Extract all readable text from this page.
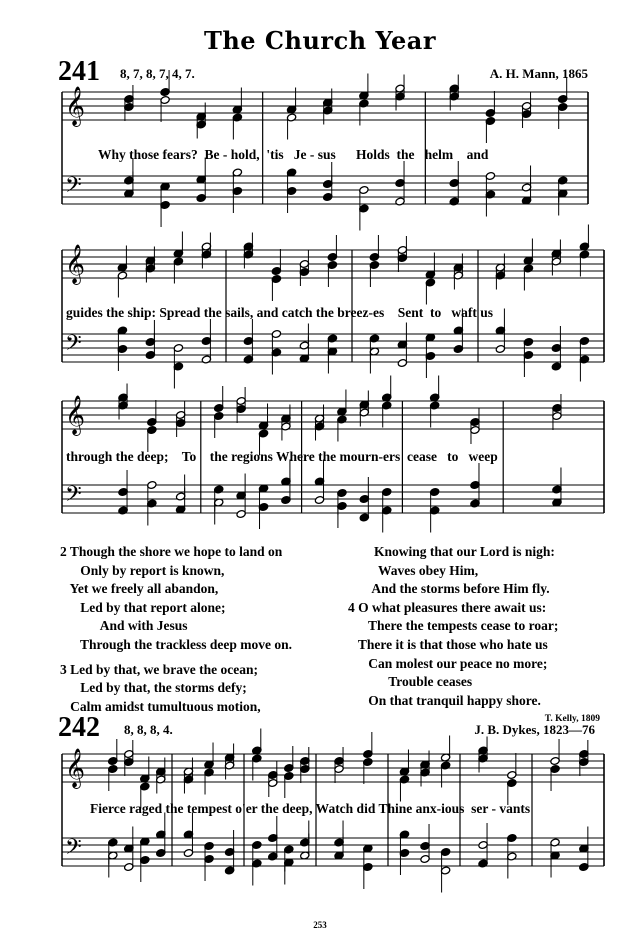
The Church Year
241 8, 7, 8, 7, 4, 7.	A. H. Mann, 1865
𝄞
𝄢
𝄞
𝄢
𝄞
𝄢
𝄞
𝄢
Why those fears?  Be - hold,  'tis   Je - sus      Holds  the   helm    and
guides the ship: Spread the sails, and catch the breez-es    Sent  to   waft us
through the deep;    To    the regions Where the mourn-ers  cease   to   weep
2 Though the shore we hope to land on
Only by report is known,
Yet we freely all abandon,
Led by that report alone;
And with Jesus
Through the trackless deep move on.
3 Led by that, we brave the ocean;
Led by that, the storms defy;
Calm amidst tumultuous motion,
Knowing that our Lord is nigh:
Waves obey Him,
And the storms before Him fly.
4 O what pleasures there await us:
There the tempests cease to roar;
There it is that those who hate us
Can molest our peace no more;
Trouble ceases
On that tranquil happy shore.
T. Kelly, 1809
242 8, 8, 8, 4.	J. B. Dykes, 1823—76
Fierce raged the tempest o'er the deep, Watch did Thine anx-ious  ser - vants
253
